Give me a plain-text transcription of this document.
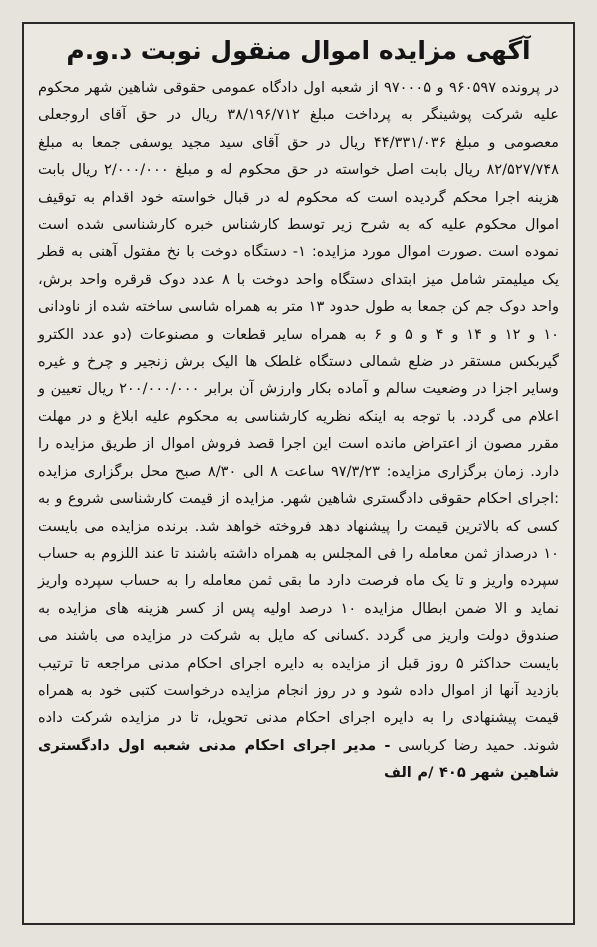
آگهی مزایده اموال منقول نوبت د.و.م

در پرونده ۹۶۰۵۹۷ و ۹۷۰۰۰۵ از شعبه اول دادگاه عمومی حقوقی شاهین شهر محکوم علیه شرکت پوشینگر به پرداخت مبلغ ۳۸/۱۹۶/۷۱۲ ریال در حق آقای اروجعلی معصومی و مبلغ ۴۴/۳۳۱/۰۳۶ ریال در حق آقای سید مجید یوسفی جمعا به مبلغ ۸۲/۵۲۷/۷۴۸ ریال بابت اصل خواسته در حق محکوم له و مبلغ ۲/۰۰۰/۰۰۰ ریال بابت هزینه اجرا محکم گردیده است که محکوم له در قبال خواسته خود اقدام به توقیف اموال محکوم علیه که به شرح زیر توسط کارشناس خبره کارشناسی شده است نموده است .صورت اموال مورد مزایده: ۱- دستگاه دوخت با نخ مفتول آهنی به قطر یک میلیمتر شامل میز ابتدای دستگاه واحد دوخت با ۸ عدد دوک قرقره واحد برش، واحد دوک جم کن جمعا به طول حدود ۱۳ متر به همراه شاسی ساخته شده از ناودانی ۱۰ و ۱۲ و ۱۴ و ۴ و ۵ و ۶ به همراه سایر قطعات و مصنوعات (دو عدد الکترو گیربکس مستقر در ضلع شمالی دستگاه غلطک ها الیک برش زنجیر و چرخ و غیره وسایر اجزا در وضعیت سالم و آماده بکار وارزش آن برابر ۲۰۰/۰۰۰/۰۰۰ ریال تعیین و اعلام می گردد. با توجه به اینکه نظریه کارشناسی به محکوم علیه ابلاغ و در مهلت مقرر مصون از اعتراض مانده است این اجرا قصد فروش اموال از طریق مزایده را دارد. زمان برگزاری مزایده: ۹۷/۳/۲۳ ساعت ۸ الی ۸/۳۰ صبح محل برگزاری مزایده :اجرای احکام حقوقی دادگستری شاهین شهر. مزایده از قیمت کارشناسی شروع و به کسی که بالاترین قیمت را پیشنهاد دهد فروخته خواهد شد. برنده مزایده می بایست ۱۰ درصداز ثمن معامله را فی المجلس به همراه داشته باشند تا عند اللزوم به حساب سپرده واریز و تا یک ماه فرصت دارد ما بقی ثمن معامله را به حساب سپرده واریز نماید و الا ضمن ابطال مزایده ۱۰ درصد اولیه پس از کسر هزینه های مزایده به صندوق دولت واریز می گردد .کسانی که مایل به شرکت در مزایده می باشند می بایست حداکثر ۵ روز قبل از مزایده به دایره اجرای احکام مدنی مراجعه تا ترتیب بازدید آنها از اموال داده شود و در روز انجام مزایده درخواست کتبی خود به همراه قیمت پیشنهادی را به دایره اجرای احکام مدنی تحویل، تا در مزایده شرکت داده شوند. حمید رضا کرباسی - مدیر اجرای احکام مدنی شعبه اول دادگستری شاهین شهر ۴۰۵ /م الف
